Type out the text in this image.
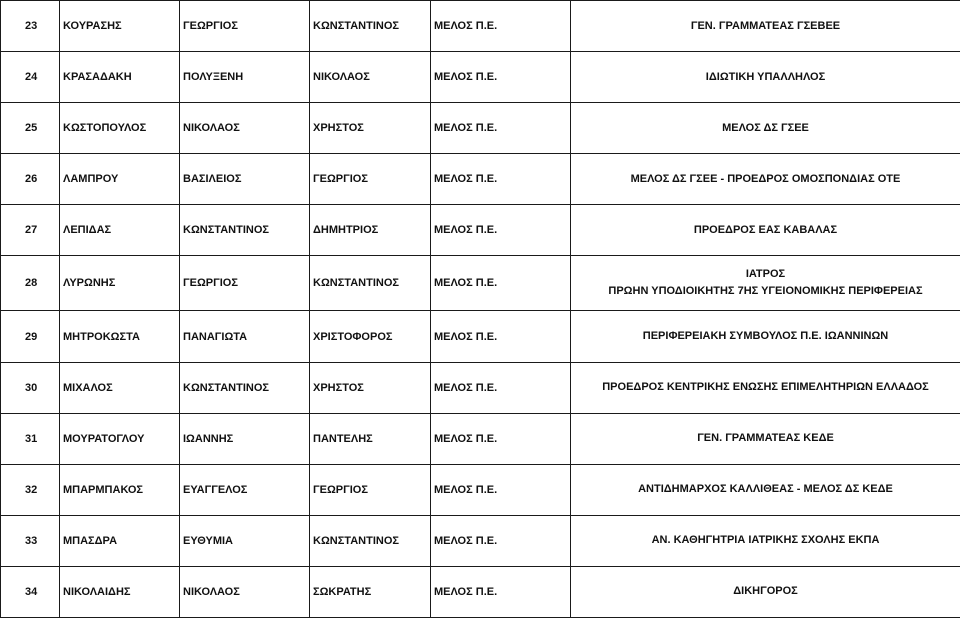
23	ΚΟΥΡΑΣΗΣ	ΓΕΩΡΓΙΟΣ	ΚΩΝΣΤΑΝΤΙΝΟΣ	ΜΕΛΟΣ Π.Ε.	ΓΕΝ. ΓΡΑΜΜΑΤΕΑΣ ΓΣΕΒΕΕ

24	ΚΡΑΣΑΔΑΚΗ	ΠΟΛΥΞΕΝΗ	ΝΙΚΟΛΑΟΣ	ΜΕΛΟΣ Π.Ε.	ΙΔΙΩΤΙΚΗ ΥΠΑΛΛΗΛΟΣ

25	ΚΩΣΤΟΠΟΥΛΟΣ	ΝΙΚΟΛΑΟΣ	ΧΡΗΣΤΟΣ	ΜΕΛΟΣ Π.Ε.	ΜΕΛΟΣ ΔΣ ΓΣΕΕ

26	ΛΑΜΠΡΟΥ	ΒΑΣΙΛΕΙΟΣ	ΓΕΩΡΓΙΟΣ	ΜΕΛΟΣ Π.Ε.	ΜΕΛΟΣ ΔΣ ΓΣΕΕ - ΠΡΟΕΔΡΟΣ ΟΜΟΣΠΟΝΔΙΑΣ ΟΤΕ

27	ΛΕΠΙΔΑΣ	ΚΩΝΣΤΑΝΤΙΝΟΣ	ΔΗΜΗΤΡΙΟΣ	ΜΕΛΟΣ Π.Ε.	ΠΡΟΕΔΡΟΣ ΕΑΣ ΚΑΒΑΛΑΣ

28	ΛΥΡΩΝΗΣ	ΓΕΩΡΓΙΟΣ	ΚΩΝΣΤΑΝΤΙΝΟΣ	ΜΕΛΟΣ Π.Ε.	ΙΑΤΡΟΣ
ΠΡΩΗΝ ΥΠΟΔΙΟΙΚΗΤΗΣ 7ΗΣ ΥΓΕΙΟΝΟΜΙΚΗΣ ΠΕΡΙΦΕΡΕΙΑΣ

29	ΜΗΤΡΟΚΩΣΤΑ	ΠΑΝΑΓΙΩΤΑ	ΧΡΙΣΤΟΦΟΡΟΣ	ΜΕΛΟΣ Π.Ε.	ΠΕΡΙΦΕΡΕΙΑΚΗ ΣΥΜΒΟΥΛΟΣ Π.Ε. ΙΩΑΝΝΙΝΩΝ

30	ΜΙΧΑΛΟΣ	ΚΩΝΣΤΑΝΤΙΝΟΣ	ΧΡΗΣΤΟΣ	ΜΕΛΟΣ Π.Ε.	ΠΡΟΕΔΡΟΣ ΚΕΝΤΡΙΚΗΣ ΕΝΩΣΗΣ ΕΠΙΜΕΛΗΤΗΡΙΩΝ ΕΛΛΑΔΟΣ

31	ΜΟΥΡΑΤΟΓΛΟΥ	ΙΩΑΝΝΗΣ	ΠΑΝΤΕΛΗΣ	ΜΕΛΟΣ Π.Ε.	ΓΕΝ. ΓΡΑΜΜΑΤΕΑΣ ΚΕΔΕ

32	ΜΠΑΡΜΠΑΚΟΣ	ΕΥΑΓΓΕΛΟΣ	ΓΕΩΡΓΙΟΣ	ΜΕΛΟΣ Π.Ε.	ΑΝΤΙΔΗΜΑΡΧΟΣ ΚΑΛΛΙΘΕΑΣ - ΜΕΛΟΣ ΔΣ ΚΕΔΕ

33	ΜΠΑΣΔΡΑ	ΕΥΘΥΜΙΑ	ΚΩΝΣΤΑΝΤΙΝΟΣ	ΜΕΛΟΣ Π.Ε.	ΑΝ. ΚΑΘΗΓΗΤΡΙΑ ΙΑΤΡΙΚΗΣ ΣΧΟΛΗΣ ΕΚΠΑ

34	ΝΙΚΟΛΑΙΔΗΣ	ΝΙΚΟΛΑΟΣ	ΣΩΚΡΑΤΗΣ	ΜΕΛΟΣ Π.Ε.	ΔΙΚΗΓΟΡΟΣ
